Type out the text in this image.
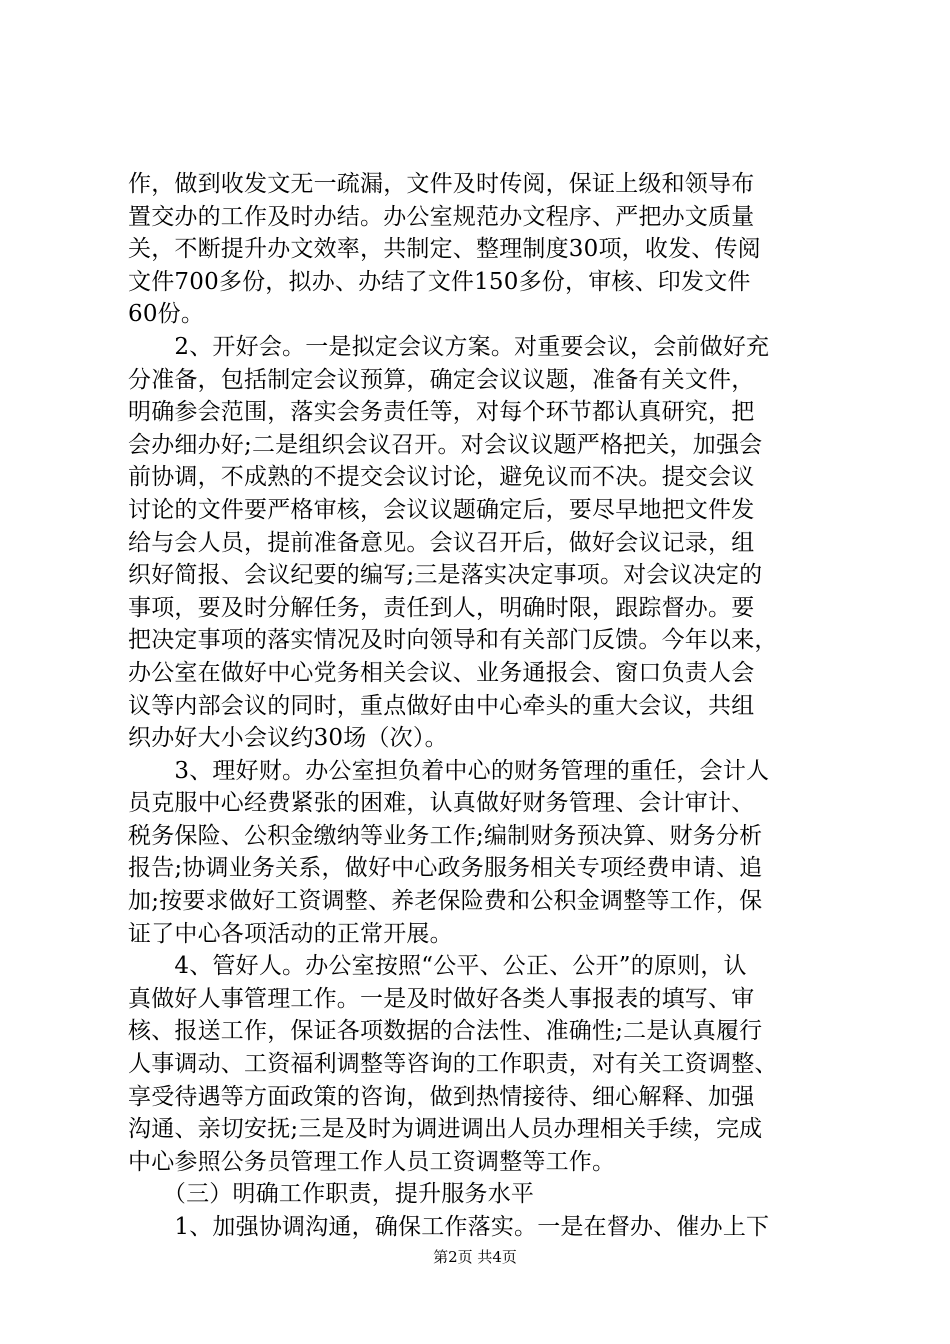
作，做到收发文无一疏漏，文件及时传阅，保证上级和领导布
置交办的工作及时办结。办公室规范办文程序、严把办文质量
关，不断提升办文效率，共制定、整理制度30项，收发、传阅
文件700多份，拟办、办结了文件150多份，审核、印发文件
60份。
　　2、开好会。一是拟定会议方案。对重要会议，会前做好充
分准备，包括制定会议预算，确定会议议题，准备有关文件，
明确参会范围，落实会务责任等，对每个环节都认真研究，把
会办细办好;二是组织会议召开。对会议议题严格把关，加强会
前协调，不成熟的不提交会议讨论，避免议而不决。提交会议
讨论的文件要严格审核，会议议题确定后，要尽早地把文件发
给与会人员，提前准备意见。会议召开后，做好会议记录，组
织好简报、会议纪要的编写;三是落实决定事项。对会议决定的
事项，要及时分解任务，责任到人，明确时限，跟踪督办。要
把决定事项的落实情况及时向领导和有关部门反馈。今年以来，
办公室在做好中心党务相关会议、业务通报会、窗口负责人会
议等内部会议的同时，重点做好由中心牵头的重大会议，共组
织办好大小会议约30场（次）。
　　3、理好财。办公室担负着中心的财务管理的重任，会计人
员克服中心经费紧张的困难，认真做好财务管理、会计审计、
税务保险、公积金缴纳等业务工作;编制财务预决算、财务分析
报告;协调业务关系，做好中心政务服务相关专项经费申请、追
加;按要求做好工资调整、养老保险费和公积金调整等工作，保
证了中心各项活动的正常开展。
　　4、管好人。办公室按照“公平、公正、公开”的原则，认
真做好人事管理工作。一是及时做好各类人事报表的填写、审
核、报送工作，保证各项数据的合法性、准确性;二是认真履行
人事调动、工资福利调整等咨询的工作职责，对有关工资调整、
享受待遇等方面政策的咨询，做到热情接待、细心解释、加强
沟通、亲切安抚;三是及时为调进调出人员办理相关手续，完成
中心参照公务员管理工作人员工资调整等工作。
　　（三）明确工作职责，提升服务水平
　　1、加强协调沟通，确保工作落实。一是在督办、催办上下
第2页 共4页
